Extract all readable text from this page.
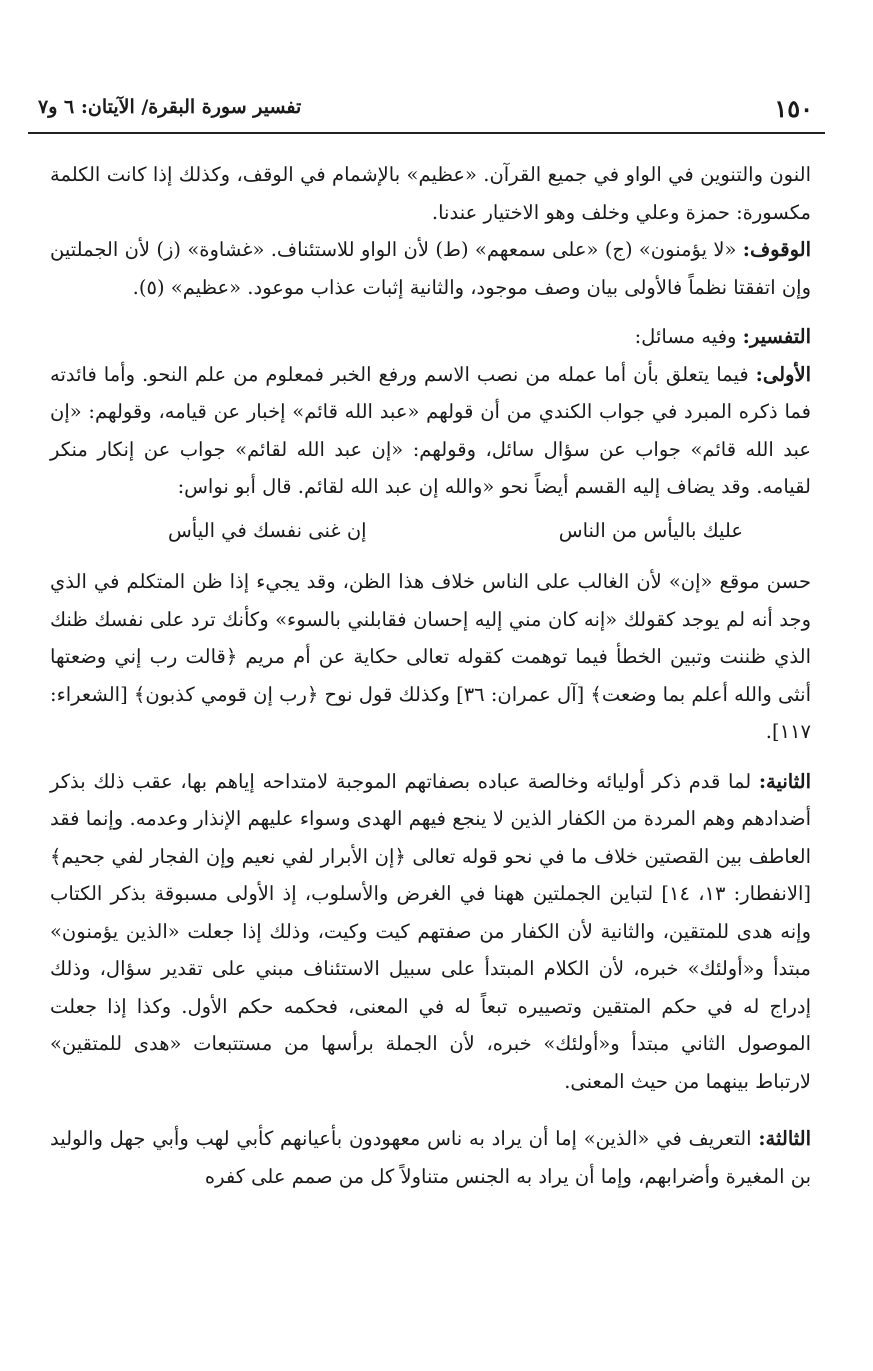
١٥٠
تفسير سورة البقرة/ الآيتان: ٦ و٧

النون والتنوين في الواو في جميع القرآن. «عظيم» بالإشمام في الوقف، وكذلك إذا كانت الكلمة مكسورة: حمزة وعلي وخلف وهو الاختيار عندنا.

الوقوف: «لا يؤمنون» (ج) «على سمعهم» (ط) لأن الواو للاستئناف. «غشاوة» (ز) لأن الجملتين وإن اتفقتا نظماً فالأولى بيان وصف موجود، والثانية إثبات عذاب موعود. «عظيم» (٥).

التفسير: وفيه مسائل:

الأولى: فيما يتعلق بأن أما عمله من نصب الاسم ورفع الخبر فمعلوم من علم النحو. وأما فائدته فما ذكره المبرد في جواب الكندي من أن قولهم «عبد الله قائم» إخبار عن قيامه، وقولهم: «إن عبد الله قائم» جواب عن سؤال سائل، وقولهم: «إن عبد الله لقائم» جواب عن إنكار منكر لقيامه. وقد يضاف إليه القسم أيضاً نحو «والله إن عبد الله لقائم. قال أبو نواس:

عليك باليأس من الناس
إن غنى نفسك في اليأس

حسن موقع «إن» لأن الغالب على الناس خلاف هذا الظن، وقد يجيء إذا ظن المتكلم في الذي وجد أنه لم يوجد كقولك «إنه كان مني إليه إحسان فقابلني بالسوء» وكأنك ترد على نفسك ظنك الذي ظننت وتبين الخطأ فيما توهمت كقوله تعالى حكاية عن أم مريم ﴿قالت رب إني وضعتها أنثى والله أعلم بما وضعت﴾ [آل عمران: ٣٦] وكذلك قول نوح ﴿رب إن قومي كذبون﴾ [الشعراء: ١١٧].

الثانية: لما قدم ذكر أوليائه وخالصة عباده بصفاتهم الموجبة لامتداحه إياهم بها، عقب ذلك بذكر أضدادهم وهم المردة من الكفار الذين لا ينجع فيهم الهدى وسواء عليهم الإنذار وعدمه. وإنما فقد العاطف بين القصتين خلاف ما في نحو قوله تعالى ﴿إن الأبرار لفي نعيم وإن الفجار لفي جحيم﴾ [الانفطار: ١٣، ١٤] لتباين الجملتين ههنا في الغرض والأسلوب، إذ الأولى مسبوقة بذكر الكتاب وإنه هدى للمتقين، والثانية لأن الكفار من صفتهم كيت وكيت، وذلك إذا جعلت «الذين يؤمنون» مبتدأ و«أولئك» خبره، لأن الكلام المبتدأ على سبيل الاستئناف مبني على تقدير سؤال، وذلك إدراج له في حكم المتقين وتصييره تبعاً له في المعنى، فحكمه حكم الأول. وكذا إذا جعلت الموصول الثاني مبتدأ و«أولئك» خبره، لأن الجملة برأسها من مستتبعات «هدى للمتقين» لارتباط بينهما من حيث المعنى.

الثالثة: التعريف في «الذين» إما أن يراد به ناس معهودون بأعيانهم كأبي لهب وأبي جهل والوليد بن المغيرة وأضرابهم، وإما أن يراد به الجنس متناولاً كل من صمم على كفره
